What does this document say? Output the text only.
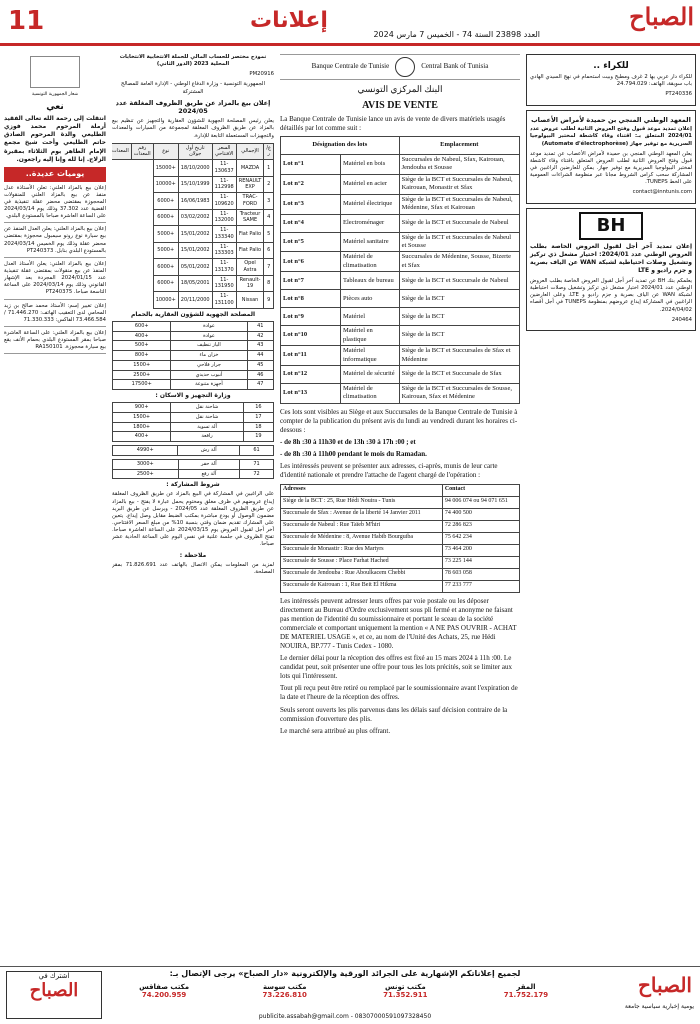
الصباح
العدد 23898 السنة 74 - الخميس 7 مارس 2024
إعلانات
11
للكراء ..
للكراء دار عربي بها 2 غرف ومطبخ وبيت استحمام في نهج السيدي الهادي باب سويقة، الهاتف: 24.794.029
PT240336
المعهد الوطني المنجي بن حميدة لأمراض الأعصاب
إعلان تمديد موعد قبول وفتح العروض الثانية لطلب عروض عدد 2024/01 المتعلق بـ: اقتناء وقاء كاشطة لمختبر البيولوجيا السريرية مع توفير جهاز (Automate d'électrophorèse)
يعلن المعهد الوطني المنجي بن حميدة لأمراض الأعصاب عن تمديد موعد قبول وفتح العروض الثانية لطلب العروض المتعلق باقتناء وقاء كاشطة لمختبر البيولوجيا السريرية مع توفير جهاز. يمكن للعارضين الراغبين في المشاركة سحب كراس الشروط مجانا عبر منظومة الشراءات العمومية على الخط TUNEPS.
contact@inntunis.com
BH
إعلان تمديد آخر أجل لقبول العروض الخاصة بطلب العروض الوطني عدد 2024/01: اختيار مشغل ذي تركيز وتشغيل وصلات احتياطية لشبكة WAN عن الياف بصرية و جزم راديو و LTE
يعلمكم بنك BH عن تمديد آخر أجل لقبول العروض الخاصة بطلب العروض الوطني عدد 2024/01 اختيار مشغل ذي تركيز وتشغيل وصلات احتياطية لشبكة WAN عن الياف بصرية و جزم راديو و LTE. وعلى العارضين الراغبين في المشاركة إيداع عروضهم بمنظومة TUNEPS في أجل أقصاه 2024/04/02.
240464
Banque Centrale de Tunisie	Central Bank of Tunisia
البنك المركزي التونسي
AVIS DE VENTE

La Banque Centrale de Tunisie lance un avis de vente de divers matériels usagés détaillés par lot comme suit :

Désignation des lots		Emplacement
Lot n°1	Matériel en bois	Succursales de Nabeul, Sfax, Kairouan, Jendouba et Sousse
Lot n°2	Matériel en acier	Siège de la BCT et Succursales de Nabeul, Kairouan, Monastir et Sfax
Lot n°3	Matériel électrique	Siège de la BCT et Succursales de Nabeul, Médenine, Sfax et Kairouan
Lot n°4	Electroménager	Siège de la BCT et Succursale de Nabeul
Lot n°5	Matériel sanitaire	Siège de la BCT et Succursales de Nabeul et Sousse
Lot n°6	Matériel de climatisation	Succursales de Médenine, Sousse, Bizerte et Sfax
Lot n°7	Tableaux de bureau	Siège de la BCT et Succursale de Nabeul
Lot n°8	Pièces auto	Siège de la BCT
Lot n°9	Matériel	Siège de la BCT
Lot n°10	Matériel en plastique	Siège de la BCT
Lot n°11	Matériel informatique	Siège de la BCT et Succursales de Sfax et Médenine
Lot n°12	Matériel de sécurité	Siège de la BCT et Succursale de Sfax
Lot n°13	Matériel de climatisation	Siège de la BCT et Succursales de Sousse, Kairouan, Sfax et Médenine

Ces lots sont visibles au Siège et aux Succursales de la Banque Centrale de Tunisie à compter de la publication du présent avis du lundi au vendredi durant les horaires ci-dessous :

- de 8h :30 à 11h30 et de 13h :30 à 17h :00 ; et

- de 8h :30 à 11h00 pendant le mois du Ramadan.

Les intéressés peuvent se présenter aux adresses, ci-après, munis de leur carte d'identité nationale et prendre l'attache de l'agent chargé de l'opération :

Adresses	Contact
Siège de la BCT : 25, Rue Hédi Nouira - Tunis	94 006 074 ou 94 071 651
Succursale de Sfax : Avenue de la liberté 14 Janvier 2011	74 400 500
Succursale de Nabeul : Rue Taïeb M'hiri	72 286 823
Succursale de Médenine : 8, Avenue Habib Bourguiba	75 642 234
Succursale de Monastir : Rue des Martyrs	73 464 200
Succursale de Sousse : Place Farhat Hached	73 225 144
Succursale de Jendouba : Rue Aboulkacem Chebbi	78 603 058
Succursale de Kairouan : 1, Rue Beit El Hikma	77 233 777

Les intéressés peuvent adresser leurs offres par voie postale ou les déposer directement au Bureau d'Ordre exclusivement sous pli fermé et anonyme ne faisant pas mention de l'identité du soumissionnaire et portant le sceau de la société commerciale et comportant uniquement la mention « A NE PAS OUVRIR - ACHAT DE MATERIEL USAGE », et ce, au nom de l'Unité des Achats, 25, rue Hédi NOUIRA, BP.777 - Tunis Cedex - 1080.

Le dernier délai pour la réception des offres est fixé au 15 mars 2024 à 11h :00. Le candidat peut, soit présenter une offre pour tous les lots précités, soit se limiter aux lots qui l'intéressent.

Tout pli reçu peut être retiré ou remplacé par le soumissionnaire avant l'expiration de la date et l'heure de la réception des offres.

Seuls seront ouverts les plis parvenus dans les délais sauf décision contraire de la commission d'ouverture des plis.

Le marché sera attribué au plus offrant.

نموذج مختصر للحساب المالي للحملة الانتخابية الانتخابات المحلية 2023 (الدور الثاني)
PM20916
الجمهورية التونسية - وزارة الدفاع الوطني - الإدارة العامة للمصالح المشتركة
إعلان بيع بالمزاد عن طريق الظروف المغلقة عدد 2024/05
يعلن رئيس المصلحة الجهوية للشؤون العقارية والتجهيز عن تنظيم بيع بالمزاد عن طريق الظروف المغلقة لمجموعة من السيارات والمعدات والتجهيزات المستعملة التابعة للإدارة.
ع/ر	الإجمالي	السعر الافتتاحي	تاريخ أول جولان	نوع	رقم المعدات	المعدات
1	MAZDA	11-130637	18/10/2000	+15000		
2	RENAULT EXP	11-112998	15/10/1999	+10000		
3	TRAC-FORD	11-109620	16/06/1983	+6000		
4	Tracteur SAME	11-132000	03/02/2002	+6000		
5	Fiat Palio	11-133340	15/01/2002	+5000		
6	Fiat Palio	11-133303	15/01/2002	+5000		
7	Opel Astra	11-131370	05/01/2002	+6000		
8	Renault-19	11-131950	18/05/2001	+6000		
9	Nissan	11-131100	20/11/2000	+10000		
المصلحة الجهوية للشؤون العقارية بالحمام
41	عوادة	+600
42	عوادة	+400
43	الياز تنظيف	+500
44	خزان ماء	+800
45	جرار فلاحي	+1500
46	أنبوب حديدي	+2500
47	أجهزة متنوعة	+17500
وزارة التجهيز و الاسكان :
16	شاحنة نقل	+900
17	شاحنة نقل	+1500
18	آلة تسوية	+1800
19	رافعة	+400
61	آلة رش	+4990
71	آلة حفر	+3000
72	آلة رفع	+2500
شروط المشاركة :
على الراغبين في المشاركة في البيع بالمزاد عن طريق الظروف المغلقة إيداع عروضهم في ظرف مغلق ومختوم يحمل عبارة لا يفتح - بيع بالمزاد عن طريق الظروف المغلقة عدد 2024/05 - ويرسل عن طريق البريد مضمون الوصول أو يودع مباشرة بمكتب الضبط مقابل وصل إيداع. يتعين على المشارك تقديم ضمان وقتي بنسبة 10% من مبلغ السعر الافتتاحي. آخر أجل لقبول العروض يوم 2024/03/15 على الساعة العاشرة صباحا. تفتح الظروف في جلسة علنية في نفس اليوم على الساعة الحادية عشر صباحا.
ملاحظة :
لمزيد من المعلومات يمكن الاتصال بالهاتف عدد 71.826.691 بمقر المصلحة.
شعار الجمهورية التونسية
نعي
انتقلت إلى رحمة الله تعالى الفقيد أرملة المرحوم محمد فوزي الطليعي والدة المرحوم الصادق حاتم الطليعي وأخت شيخ مجمع الإمام الطاهر بوم الثلاثاء بمقبرة الزلاج. إنا لله وإنا إليه راجعون.
يوميات عديدة..
إعلان بيع بالمزاد العلني: تعلن الأستاذة عدل منفذ عن بيع بالمزاد العلني للمنقولات المحجوزة بمقتضى محضر عقلة تنفيذية في القضية عدد 37.302 وذلك يوم 2024/03/14 على الساعة العاشرة صباحا بالمستودع البلدي.
إعلان بيع بالمزاد العلني: يعلن العدل المنفذ عن بيع سيارة نوع رونو سيمبول محجوزة بمقتضى محضر عقلة وذلك يوم الخميس 2024/03/14 بالمستودع البلدي بنابل. PT240373
إعلان بيع بالمزاد العلني: يعلن الأستاذ العدل المنفذ عن بيع منقولات بمقتضى عقلة تنفيذية عدد 2024/01/15 المجردة بعد الإشهار القانوني وذلك يوم 2024/03/14 على الساعة التاسعة صباحا. PT240375
إعلان تغيير إسم: الأستاذ محمد صالح بن زيد المحامي لدى التعقيب الهاتف: 71.446.270 / 73.466.584 الفاكس: 71.330.333
إعلان بيع بالمزاد العلني: على الساعة العاشرة صباحا بمقر المستودع البلدي بحمام الأنف يقع بيع سيارة محجوزة. RA150101
الصباح
يومية إخبارية سياسية جامعة
لجميع إعلاناتكم الإشهارية على الجرائد الورقية والإلكترونية «دار الصباح» يرجى الإتصال بـ:
المقر
71.752.179
مكتب تونس
71.352.911
مكتب سوسة
73.226.810
مكتب صفاقس
74.200.959
publicite.assabah@gmail.com - 08307000591097328450
اشترك في
الصباح
